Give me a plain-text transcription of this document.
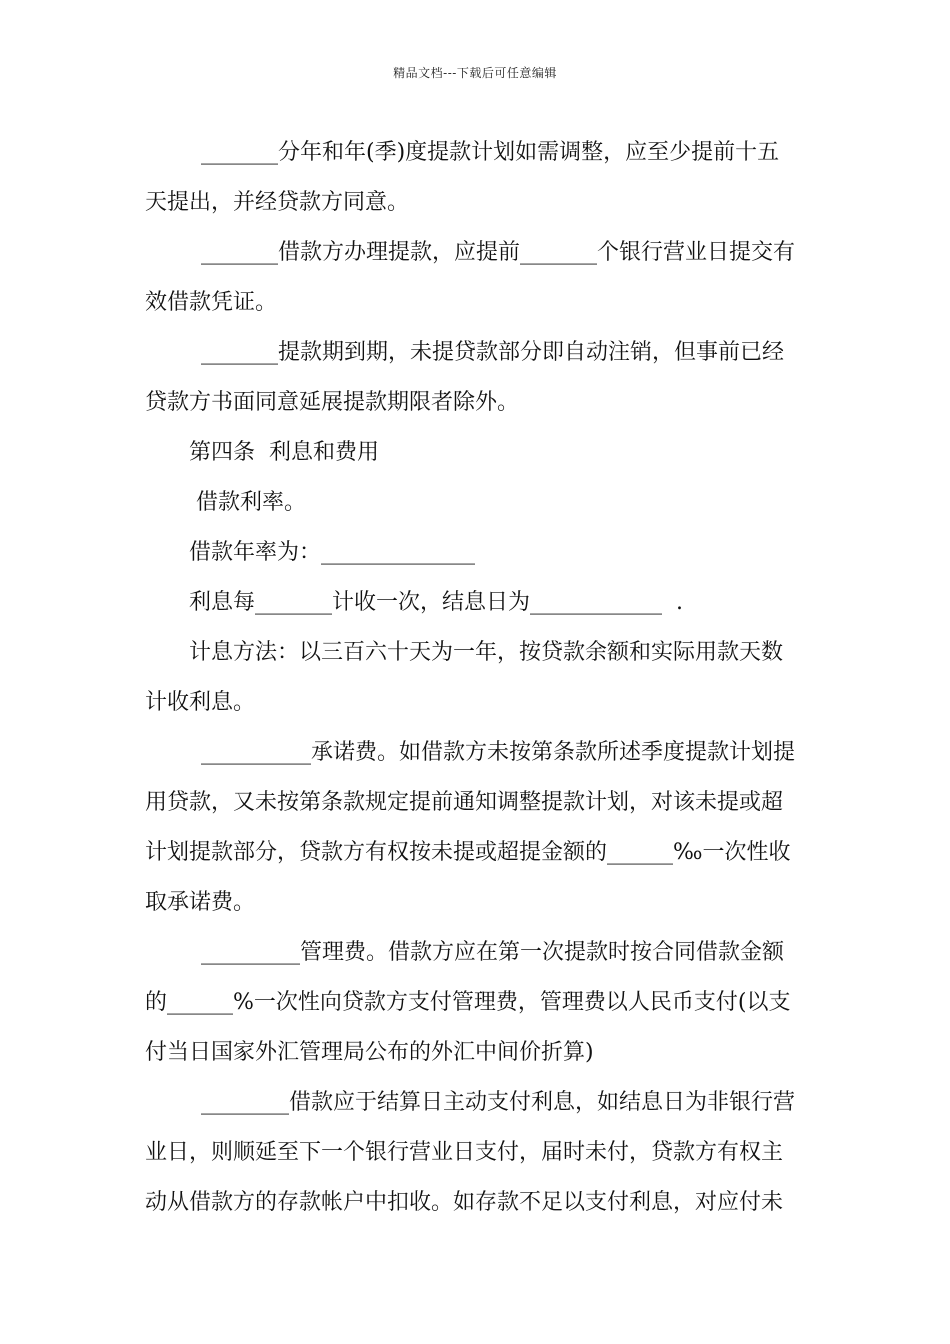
精品文档---下载后可任意编辑

_______分年和年(季)度提款计划如需调整，应至少提前十五

天提出，并经贷款方同意。

_______借款方办理提款，应提前_______个银行营业日提交有

效借款凭证。

_______提款期到期，未提贷款部分即自动注销，但事前已经

贷款方书面同意延展提款期限者除外。

第四条  利息和费用

借款利率。

借款年率为：______________

利息每_______计收一次，结息日为____________  .

计息方法：以三百六十天为一年，按贷款余额和实际用款天数

计收利息。

__________承诺费。如借款方未按第条款所述季度提款计划提

用贷款，又未按第条款规定提前通知调整提款计划，对该未提或超

计划提款部分，贷款方有权按未提或超提金额的______‰一次性收

取承诺费。

_________管理费。借款方应在第一次提款时按合同借款金额

的______%一次性向贷款方支付管理费，管理费以人民币支付(以支

付当日国家外汇管理局公布的外汇中间价折算)

________借款应于结算日主动支付利息，如结息日为非银行营

业日，则顺延至下一个银行营业日支付，届时未付，贷款方有权主

动从借款方的存款帐户中扣收。如存款不足以支付利息，对应付未
